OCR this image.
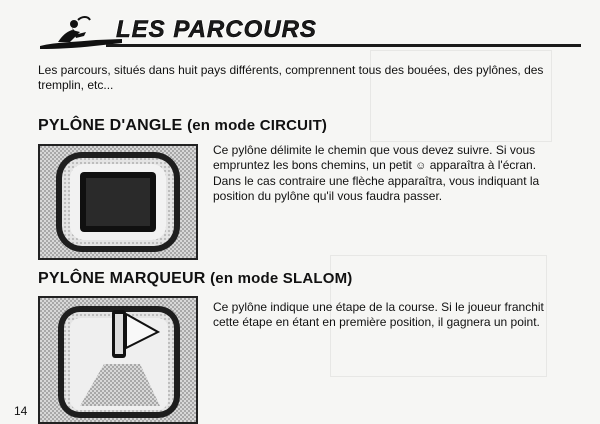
LES PARCOURS

Les parcours, situés dans huit pays différents, comprennent tous des bouées, des pylônes, des tremplin, etc...

PYLÔNE D'ANGLE (en mode CIRCUIT)

Ce pylône délimite le chemin que vous devez suivre. Si vous empruntez les bons chemins, un petit ☺ apparaîtra à l'écran. Dans le cas contraire une flèche apparaîtra, vous indiquant la position du pylône qu'il vous faudra passer.

PYLÔNE MARQUEUR (en mode SLALOM)

Ce pylône indique une étape de la course. Si le joueur franchit cette étape en étant en première position, il gagnera un point.

14
